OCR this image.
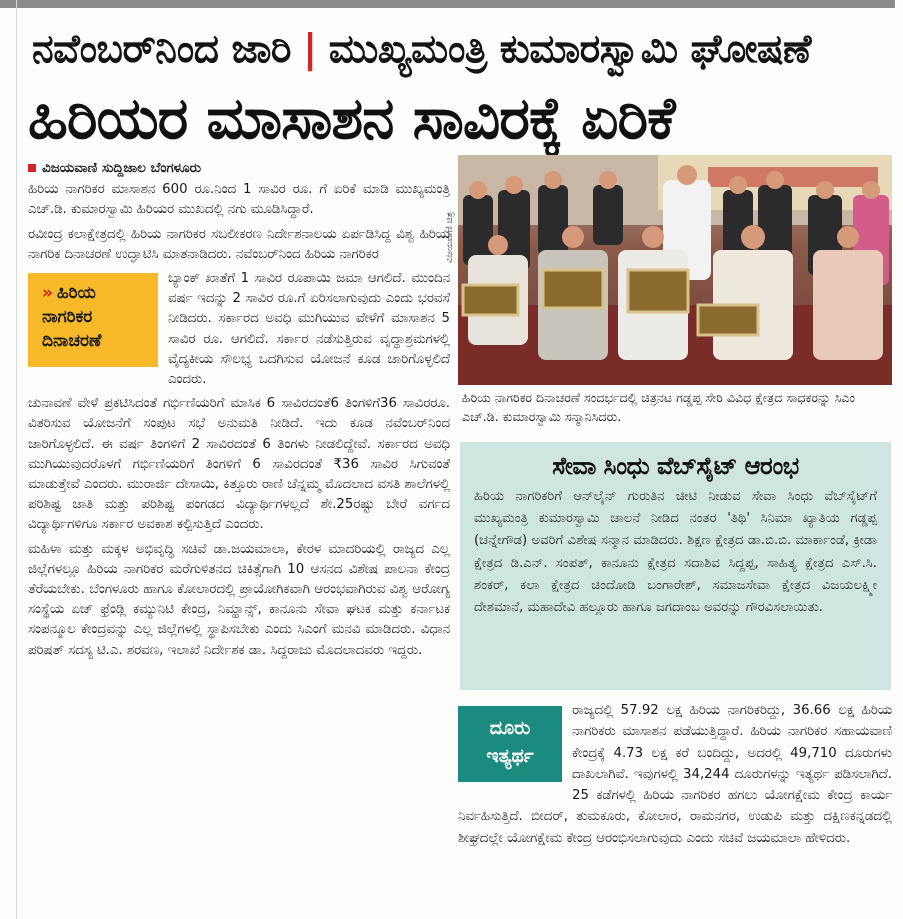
ನವೆಂಬರ್‌ನಿಂದ ಜಾರಿ | ಮುಖ್ಯಮಂತ್ರಿ ಕುಮಾರಸ್ವಾಮಿ ಘೋಷಣೆ
ಹಿರಿಯರ ಮಾಸಾಶನ ಸಾವಿರಕ್ಕೆ ಏರಿಕೆ
ವಿಜಯವಾಣಿ ಸುದ್ದಿಜಾಲ ಬೆಂಗಳೂರು

ಹಿರಿಯ ನಾಗರಿಕರ ಮಾಸಾಶನ 600 ರೂ.ನಿಂದ 1 ಸಾವಿರ ರೂ. ಗೆ ಏರಿಕೆ ಮಾಡಿ ಮುಖ್ಯಮಂತ್ರಿ ಎಚ್.ಡಿ. ಕುಮಾರಸ್ವಾಮಿ ಹಿರಿಯರ ಮುಖದಲ್ಲಿ ನಗು ಮೂಡಿಸಿದ್ದಾರೆ.

ರವೀಂದ್ರ ಕಲಾಕ್ಷೇತ್ರದಲ್ಲಿ ಹಿರಿಯ ನಾಗರಿಕರ ಸಬಲೀಕರಣ ನಿರ್ದೇಶನಾಲಯ ಏರ್ಪಡಿಸಿದ್ದ ವಿಶ್ವ ಹಿರಿಯ ನಾಗರಿಕ ದಿನಾಚರಣೆ ಉದ್ಘಾಟಿಸಿ ಮಾತನಾಡಿದರು. ನವೆಂಬರ್‌ನಿಂದ ಹಿರಿಯ ನಾಗರಿಕರ

» ಹಿರಿಯ
ನಾಗರಿಕರ
ದಿನಾಚರಣೆ

ಬ್ಯಾಂಕ್ ಖಾತೆಗೆ 1 ಸಾವಿರ ರೂಪಾಯಿ ಜಮಾ ಆಗಲಿದೆ. ಮುಂದಿನ ವರ್ಷ ಇದನ್ನು 2 ಸಾವಿರ ರೂ.ಗೆ ಏರಿಸಲಾಗುವುದು ಎಂದು ಭರವಸೆ ನೀಡಿದರು. ಸರ್ಕಾರದ ಅವಧಿ ಮುಗಿಯುವ ವೇಳೆಗೆ ಮಾಸಾಶನ 5 ಸಾವಿರ ರೂ. ಆಗಲಿದೆ. ಸರ್ಕಾರ ನಡೆಸುತ್ತಿರುವ ವೃದ್ಧಾಶ್ರಮಗಳಲ್ಲಿ ವೈದ್ಯಕೀಯ ಸೌಲಭ್ಯ ಒದಗಿಸುವ ಯೋಜನೆ ಕೂಡ ಜಾರಿಗೊಳ್ಳಲಿದೆ ಎಂದರು.

ಚುನಾವಣೆ ವೇಳೆ ಪ್ರಕಟಿಸಿದಂತೆ ಗರ್ಭಿಣಿಯರಿಗೆ ಮಾಸಿಕ 6 ಸಾವಿರದಂತೆ6 ತಿಂಗಳಿಗೆ36 ಸಾವಿರರೂ. ವಿತರಿಸುವ ಯೋಜನೆಗೆ ಸಂಪುಟ ಸಭೆ ಅನುಮತಿ ನೀಡಿದೆ. ಇದು ಕೂಡ ನವೆಂಬರ್‌ನಿಂದ ಜಾರಿಗೊಳ್ಳಲಿದೆ. ಈ ವರ್ಷ ತಿಂಗಳಿಗೆ 2 ಸಾವಿರದಂತೆ 6 ತಿಂಗಳು ನೀಡಲಿದ್ದೇವೆ. ಸರ್ಕಾರದ ಅವಧಿ ಮುಗಿಯುವುದರೊಳಗೆ ಗರ್ಭಿಣಿಯರಿಗೆ ತಿಂಗಳಿಗೆ 6 ಸಾವಿರದಂತೆ ₹36 ಸಾವಿರ ಸಿಗುವಂತೆ ಮಾಡುತ್ತೇವೆ ಎಂದರು. ಮುರಾರ್ಜಿ ದೇಸಾಯಿ, ಕಿತ್ತೂರು ರಾಣಿ ಚೆನ್ನಮ್ಮ ಮೊದಲಾದ ವಸತಿ ಶಾಲೆಗಳಲ್ಲಿ ಪರಿಶಿಷ್ಟ ಜಾತಿ ಮತ್ತು ಪರಿಶಿಷ್ಟ ಪಂಗಡದ ವಿದ್ಯಾರ್ಥಿಗಳಲ್ಲದೆ ಶೇ.25ರಷ್ಟು ಬೇರೆ ವರ್ಗದ ವಿದ್ಯಾರ್ಥಿಗಳಿಗೂ ಸರ್ಕಾರ ಅವಕಾಶ ಕಲ್ಪಿಸುತ್ತಿದೆ ಎಂದರು.

ಮಹಿಳಾ ಮತ್ತು ಮಕ್ಕಳ ಅಭಿವೃದ್ಧಿ ಸಚಿವೆ ಡಾ.ಜಯಮಾಲಾ, ಕೇರಳ ಮಾದರಿಯಲ್ಲಿ ರಾಜ್ಯದ ಎಲ್ಲ ಜಿಲ್ಲೆಗಳಲ್ಲೂ ಹಿರಿಯ ನಾಗರಿಕರ ಮರೆಗುಳಿತನದ ಚಿಕಿತ್ಸೆಗಾಗಿ 10 ಆಸನದ ವಿಶೇಷ ಪಾಲನಾ ಕೇಂದ್ರ ತೆರೆಯಬೇಕು. ಬೆಂಗಳೂರು ಹಾಗೂ ಕೋಲಾರದಲ್ಲಿ ಪ್ರಾಯೋಗಿಕವಾಗಿ ಆರಂಭವಾಗಿರುವ ವಿಶ್ವ ಆರೋಗ್ಯ ಸಂಸ್ಥೆಯ ಏಜ್ ಫ್ರೆಂಡ್ಲಿ ಕಮ್ಯುನಿಟಿ ಕೇಂದ್ರ, ನಿಮ್ಹಾನ್ಸ್, ಕಾನೂನು ಸೇವಾ ಘಟಕ ಮತ್ತು ಕರ್ನಾಟಕ ಸಂಪನ್ಮೂಲ ಕೇಂದ್ರವನ್ನು ಎಲ್ಲ ಜಿಲ್ಲೆಗಳಲ್ಲಿ ಸ್ಥಾಪಿಸಬೇಕು ಎಂದು ಸಿಎಂಗೆ ಮನವಿ ಮಾಡಿದರು. ವಿಧಾನ ಪರಿಷತ್ ಸದಸ್ಯ ಟಿ.ಎ. ಶರವಣ, ಇಲಾಖೆ ನಿರ್ದೇಶಕ ಡಾ. ಸಿದ್ದರಾಜು ಮೊದಲಾದವರು ಇದ್ದರು.

ವಿಜಯವಾಣಿ ಚಿತ್ರ
ಹಿರಿಯ ನಾಗರಿಕರ ದಿನಾಚರಣೆ ಸಂದರ್ಭದಲ್ಲಿ ಚಿತ್ರನಟ ಗಡ್ಡಪ್ಪ ಸೇರಿ ವಿವಿಧ ಕ್ಷೇತ್ರದ ಸಾಧಕರನ್ನು ಸಿಎಂ ಎಚ್.ಡಿ. ಕುಮಾರಸ್ವಾಮಿ ಸನ್ಮಾನಿಸಿದರು.
ಸೇವಾ ಸಿಂಧು ವೆಬ್‌ಸೈಟ್ ಆರಂಭ

ಹಿರಿಯ ನಾಗರಿಕರಿಗೆ ಆನ್‌ಲೈನ್ ಗುರುತಿನ ಚೀಟಿ ನೀಡುವ ಸೇವಾ ಸಿಂಧು ವೆಬ್‌ಸೈಟ್‌ಗೆ ಮುಖ್ಯಮಂತ್ರಿ ಕುಮಾರಸ್ವಾಮಿ ಚಾಲನೆ ನೀಡಿದ ನಂತರ 'ತಿಥಿ' ಸಿನಿಮಾ ಖ್ಯಾತಿಯ ಗಡ್ಡಪ್ಪ (ಚನ್ನೇಗೌಡ) ಅವರಿಗೆ ವಿಶೇಷ ಸನ್ಮಾನ ಮಾಡಿದರು. ಶಿಕ್ಷಣ ಕ್ಷೇತ್ರದ ಡಾ.ಬಿ.ಬಿ. ಮಾರ್ಕಾಂಡೆ, ಕ್ರೀಡಾ ಕ್ಷೇತ್ರದ ಡಿ.ಎನ್. ಸಂಪತ್, ಕಾನೂನು ಕ್ಷೇತ್ರದ ಸದಾಶಿವ ಸಿದ್ದಪ್ಪ, ಸಾಹಿತ್ಯ ಕ್ಷೇತ್ರದ ಎಸ್.ಸಿ. ಶಂಕರ್, ಕಲಾ ಕ್ಷೇತ್ರದ ಚಿಂದೋಡಿ ಬಂಗಾರೇಶ್, ಸಮಾಜಸೇವಾ ಕ್ಷೇತ್ರದ ವಿಜಯಲಕ್ಷ್ಮೀ ದೇಶಮಾನೆ, ಮಹಾದೇವಿ ಹಲ್ಲೂರು ಹಾಗೂ ಜಗದಾಂಬ ಅವರನ್ನು ಗೌರವಿಸಲಾಯಿತು.

ರಾಜ್ಯದಲ್ಲಿ 57.92 ಲಕ್ಷ ಹಿರಿಯ ನಾಗರಿಕರಿದ್ದು, 36.66 ಲಕ್ಷ ಹಿರಿಯ ನಾಗರಿಕರು ಮಾಸಾಶನ ಪಡೆಯುತ್ತಿದ್ದಾರೆ. ಹಿರಿಯ ನಾಗರಿಕರ ಸಹಾಯವಾಣಿ ಕೇಂದ್ರಕ್ಕೆ 4.73 ಲಕ್ಷ ಕರೆ ಬಂದಿದ್ದು, ಅದರಲ್ಲಿ 49,710 ದೂರುಗಳು ದಾಖಲಾಗಿವೆ. ಇವುಗಳಲ್ಲಿ 34,244 ದೂರುಗಳನ್ನು ಇತ್ಯರ್ಥ ಪಡಿಸಲಾಗಿದೆ. 25 ಕಡೆಗಳಲ್ಲಿ ಹಿರಿಯ ನಾಗರಿಕರ ಹಗಲು ಯೋಗಕ್ಷೇಮ ಕೇಂದ್ರ ಕಾರ್ಯ ನಿರ್ವಹಿಸುತ್ತಿದೆ. ಬೀದರ್, ತುಮಕೂರು, ಕೋಲಾರ, ರಾಮನಗರ, ಉಡುಪಿ ಮತ್ತು ದಕ್ಷಿಣಕನ್ನಡದಲ್ಲಿ ಶೀಘ್ರದಲ್ಲೇ ಯೋಗಕ್ಷೇಮ ಕೇಂದ್ರ ಆರಂಭಿಸಲಾಗುವುದು ಎಂದು ಸಚಿವೆ ಜಯಮಾಲಾ ಹೇಳಿದರು.

ದೂರು
ಇತ್ಯರ್ಥ
